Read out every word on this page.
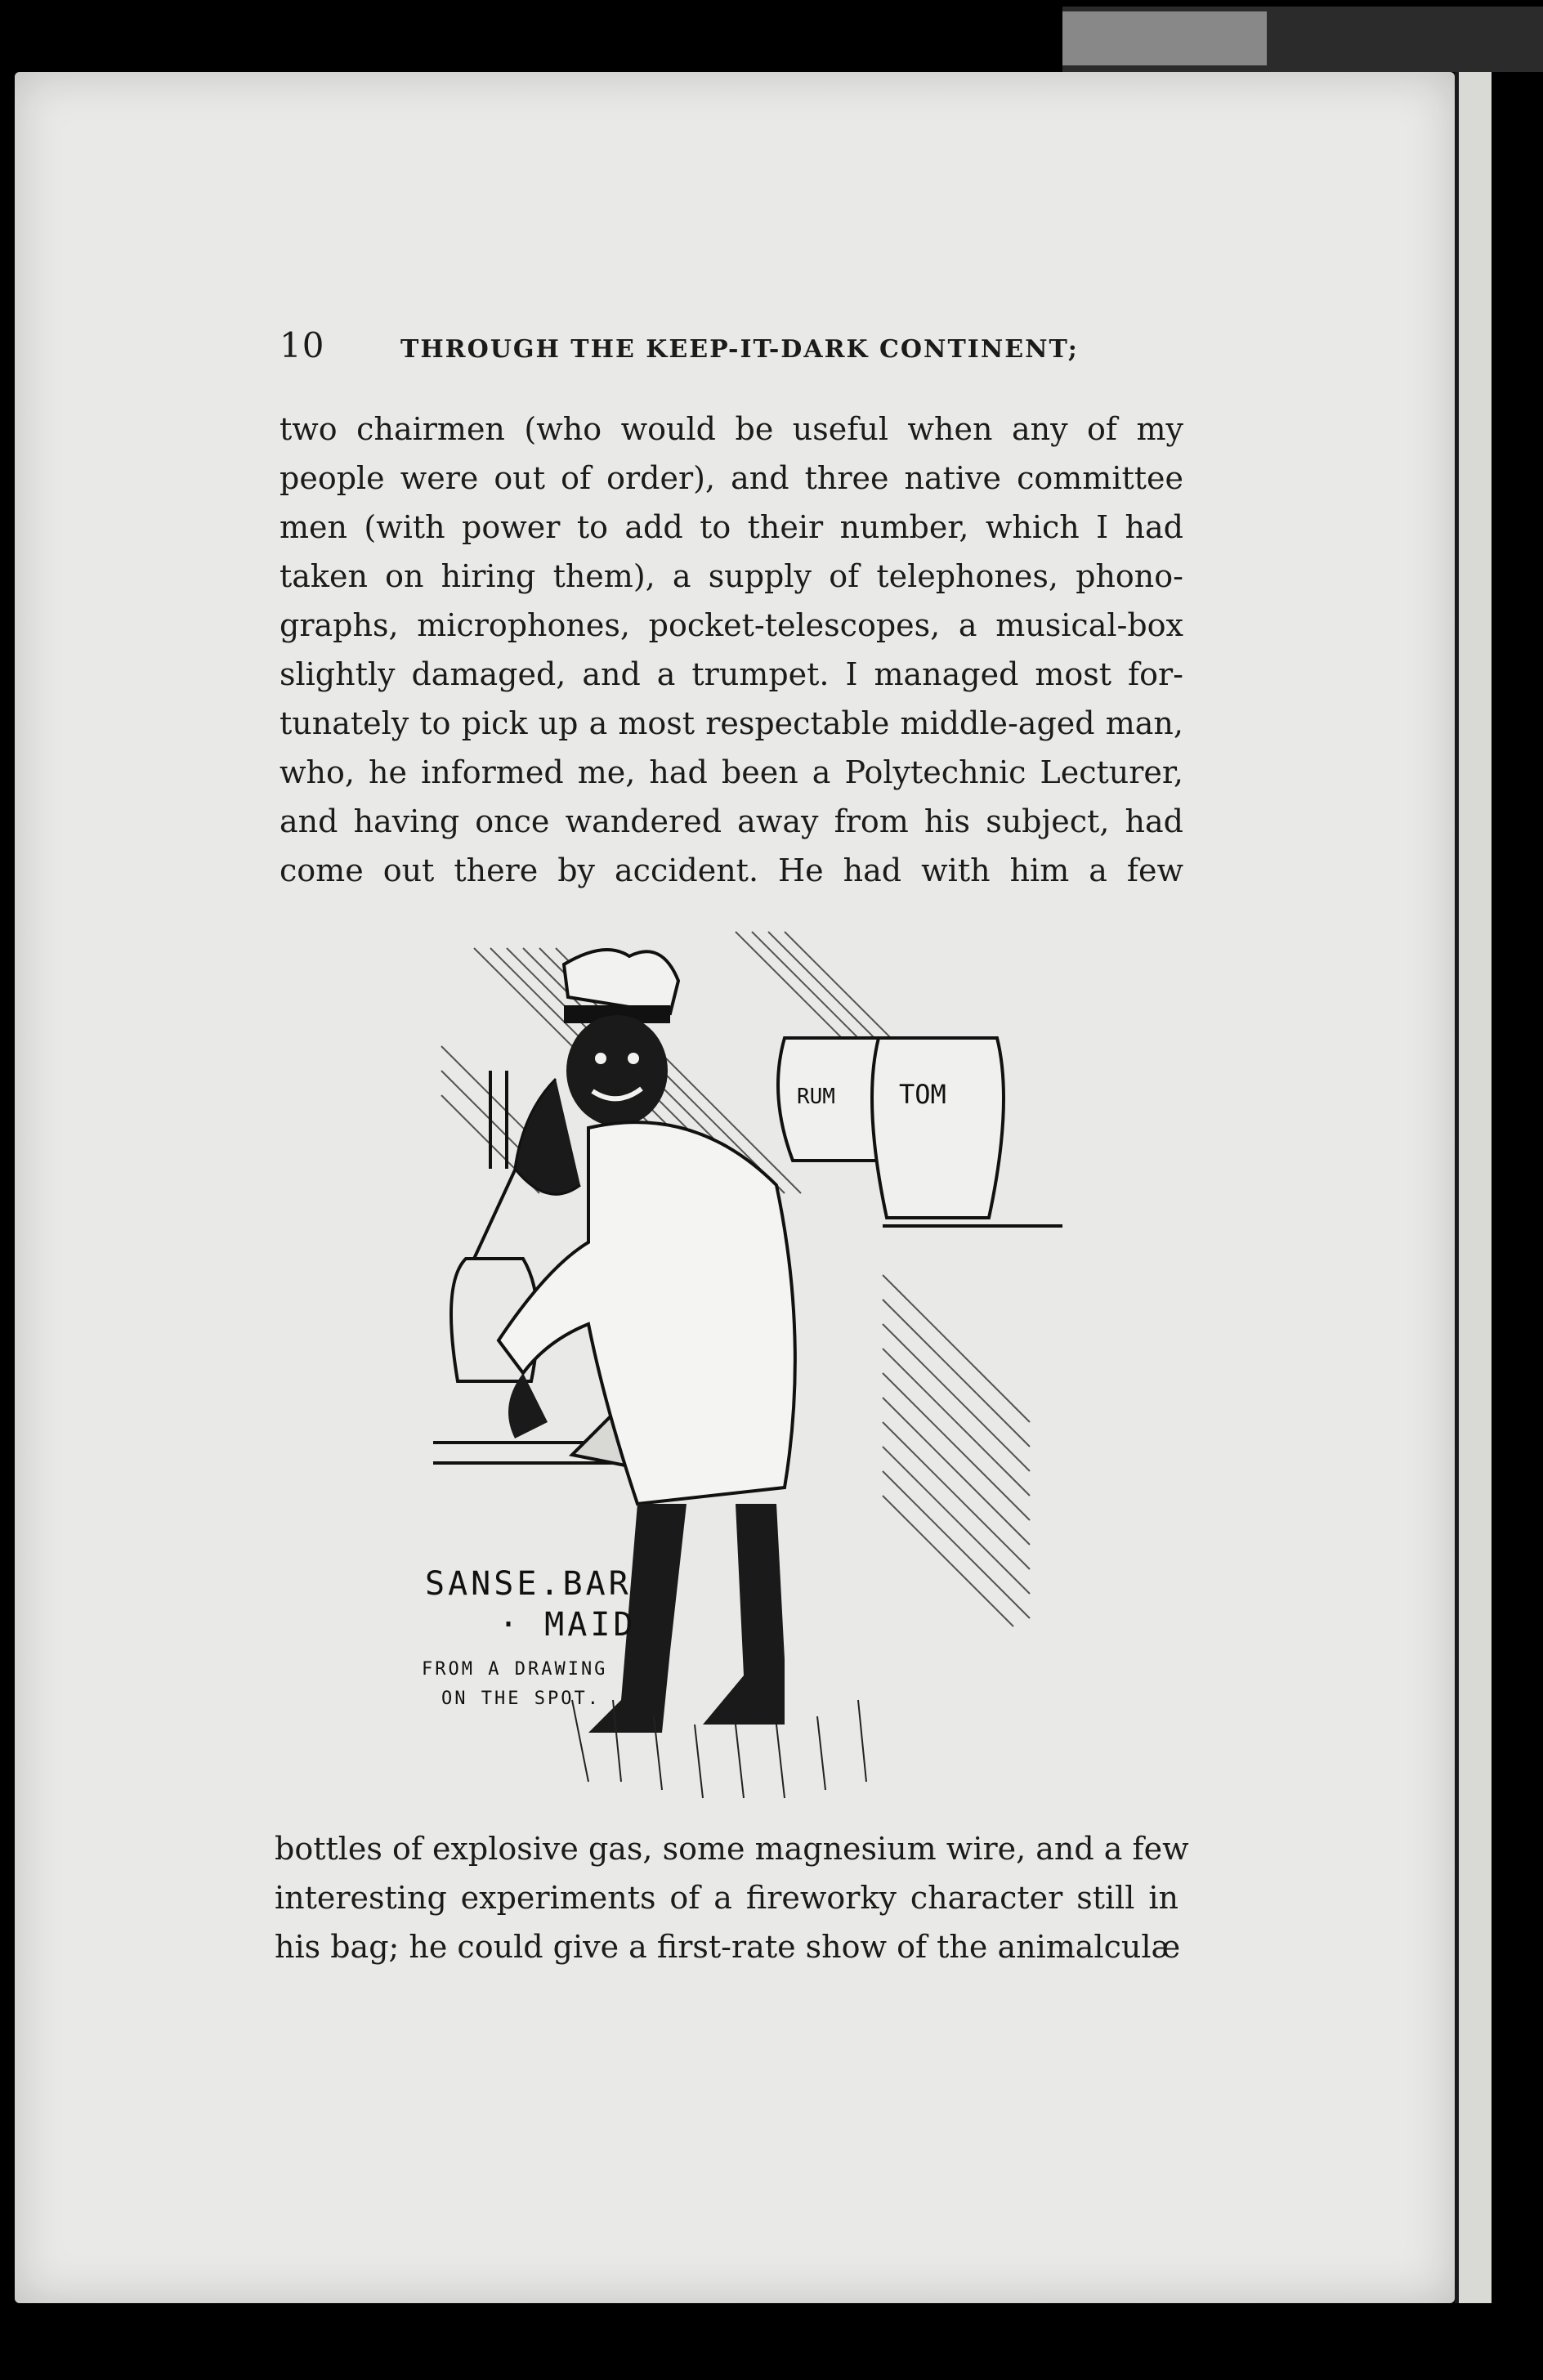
10	THROUGH THE KEEP-IT-DARK CONTINENT;
two chairmen (who would be useful when any of my
people were out of order), and three native committee
men (with power to add to their number, which I had
taken on hiring them), a supply of telephones, phono-
graphs, microphones, pocket-telescopes, a musical-box
slightly damaged, and a trumpet. I managed most for-
tunately to pick up a most respectable middle-aged man,
who, he informed me, had been a Polytechnic Lecturer,
and having once wandered away from his subject, had
come out there by accident. He had with him a few
RUM TOM
SANSE.BAR
· MAID
FROM A DRAWING
ON THE SPOT.
bottles of explosive gas, some magnesium wire, and a few
interesting experiments of a fireworky character still in
his bag; he could give a first-rate show of the animalculæ
